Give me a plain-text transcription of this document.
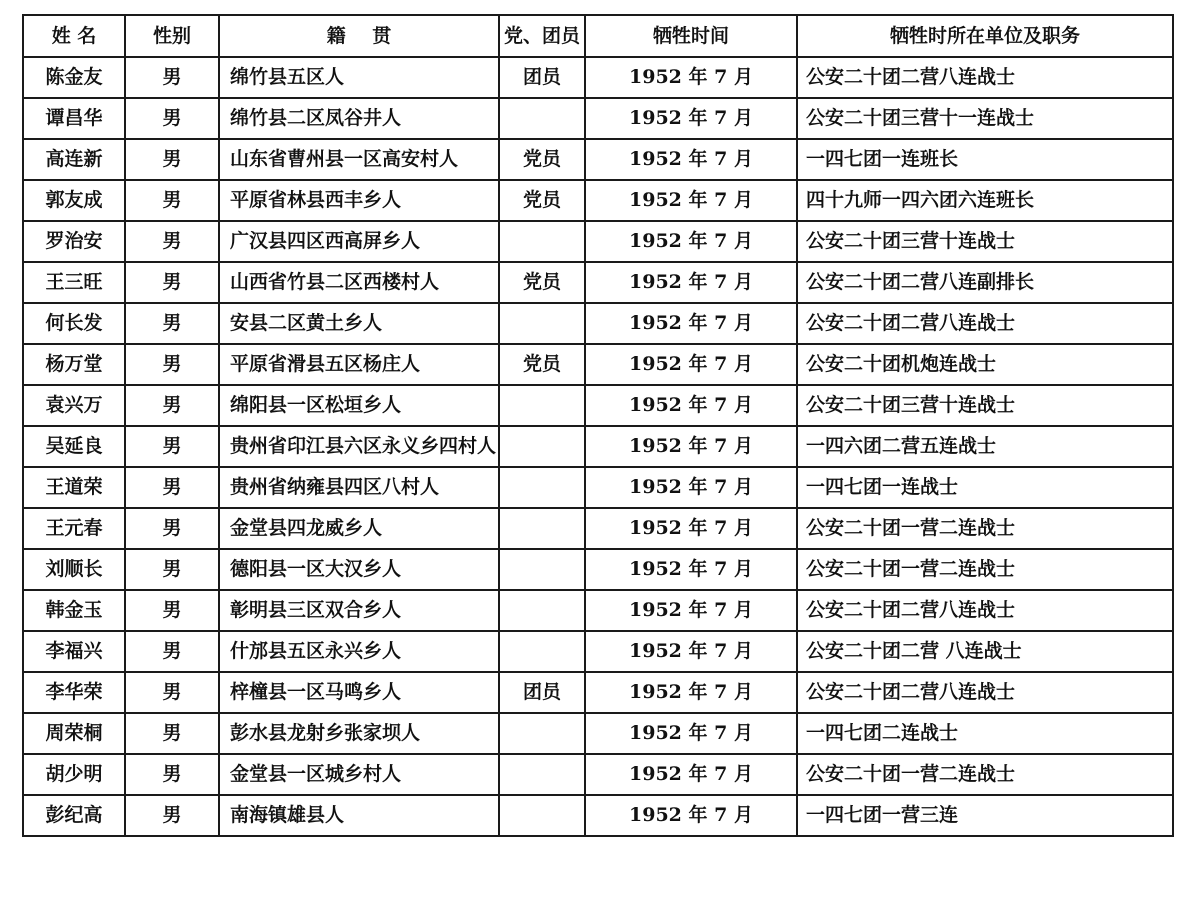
姓 名	性别	籍    贯	党、团员	牺牲时间	牺牲时所在单位及职务
陈金友	男	绵竹县五区人	团员	1952 年 7 月	公安二十团二营八连战士
谭昌华	男	绵竹县二区凤谷井人		1952 年 7 月	公安二十团三营十一连战士
高连新	男	山东省曹州县一区高安村人	党员	1952 年 7 月	一四七团一连班长
郭友成	男	平原省林县西丰乡人	党员	1952 年 7 月	四十九师一四六团六连班长
罗治安	男	广汉县四区西高屏乡人		1952 年 7 月	公安二十团三营十连战士
王三旺	男	山西省竹县二区西楼村人	党员	1952 年 7 月	公安二十团二营八连副排长
何长发	男	安县二区黄土乡人		1952 年 7 月	公安二十团二营八连战士
杨万堂	男	平原省滑县五区杨庄人	党员	1952 年 7 月	公安二十团机炮连战士
袁兴万	男	绵阳县一区松垣乡人		1952 年 7 月	公安二十团三营十连战士
吴延良	男	贵州省印江县六区永义乡四村人		1952 年 7 月	一四六团二营五连战士
王道荣	男	贵州省纳雍县四区八村人		1952 年 7 月	一四七团一连战士
王元春	男	金堂县四龙威乡人		1952 年 7 月	公安二十团一营二连战士
刘顺长	男	德阳县一区大汉乡人		1952 年 7 月	公安二十团一营二连战士
韩金玉	男	彰明县三区双合乡人		1952 年 7 月	公安二十团二营八连战士
李福兴	男	什邡县五区永兴乡人		1952 年 7 月	公安二十团二营 八连战士
李华荣	男	梓橦县一区马鸣乡人	团员	1952 年 7 月	公安二十团二营八连战士
周荣桐	男	彭水县龙射乡张家坝人		1952 年 7 月	一四七团二连战士
胡少明	男	金堂县一区城乡村人		1952 年 7 月	公安二十团一营二连战士
彭纪高	男	南海镇雄县人		1952 年 7 月	一四七团一营三连
